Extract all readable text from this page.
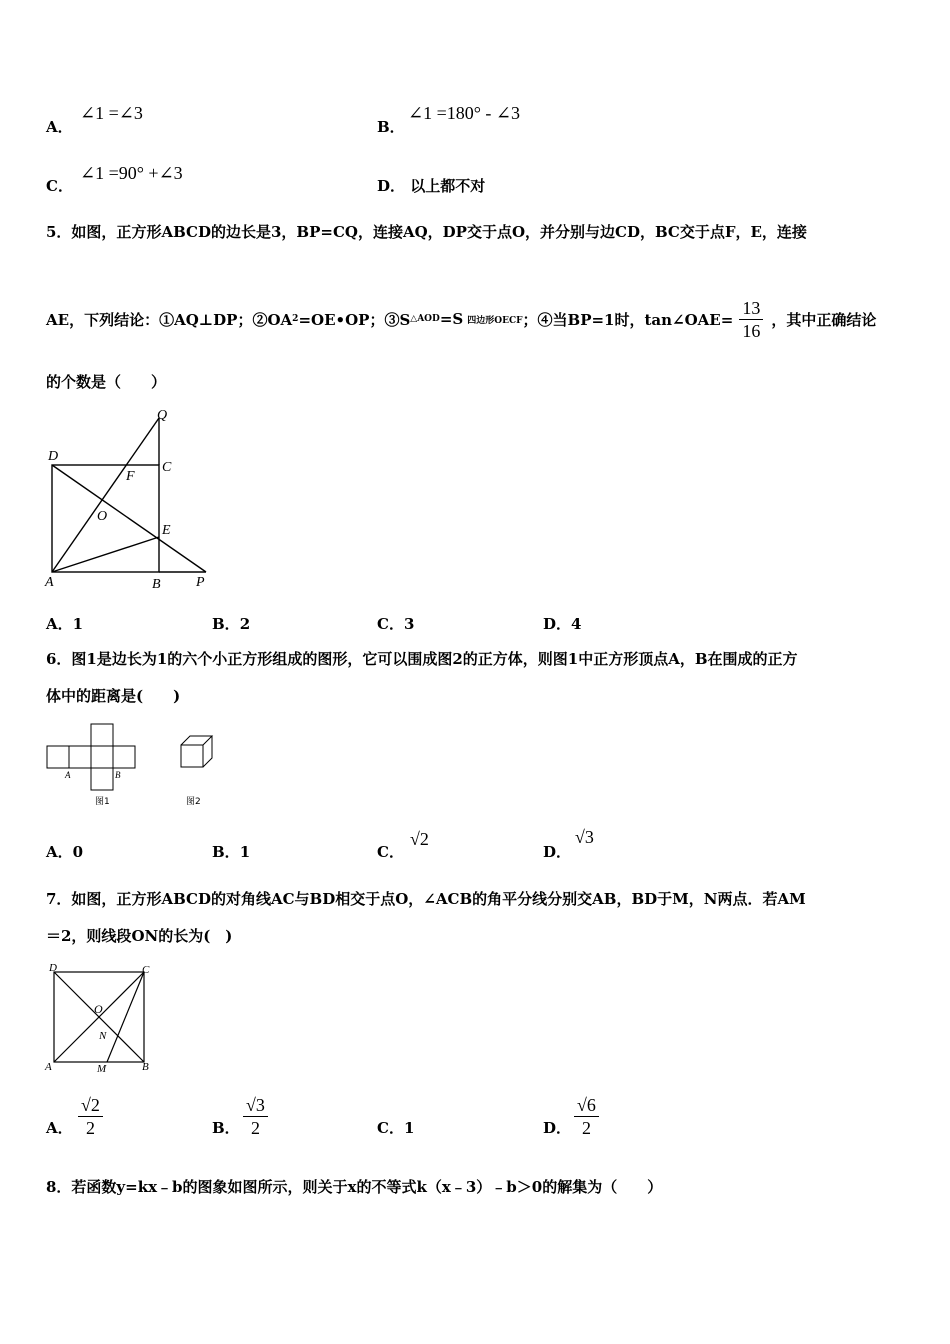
A．
∠1 =∠3
B．
∠1 =180° - ∠3
C．
∠1 =90° +∠3
D． 以上都不对
5．如图，正方形ABCD的边长是3，BP=CQ，连接AQ，DP交于点O，并分别与边CD，BC交于点F，E，连接
AE，下列结论：①AQ⊥DP；②OA 2 =OE•OP；③S △AOD =S 四边形OECF ；④当BP=1时，tan∠OAE= $\frac{13}{16}$ ，其中正确结论
的个数是（　　）
Q
D
C
F
O
E
A	B	P
A．1	B．2	C．3	D．4
6．图1是边长为1的六个小正方形组成的图形，它可以围成图2的正方体，则图1中正方形顶点A，B在围成的正方
体中的距离是(　　)
A	B
图1	图2
A．0	B．1	C．
√2
D．
√3
7．如图，正方形ABCD的对角线AC与BD相交于点O，∠ACB的角平分线分别交AB，BD于M，N两点．若AM
＝2，则线段ON的长为(　)
D	C
O
N
A	M	B
A． $\frac{√2}{2}$	B． $\frac{√3}{2}$	C．1	D． $\frac{√6}{2}$
8．若函数y=kx﹣b的图象如图所示，则关于x的不等式k（x﹣3）﹣b＞0的解集为（　　）
